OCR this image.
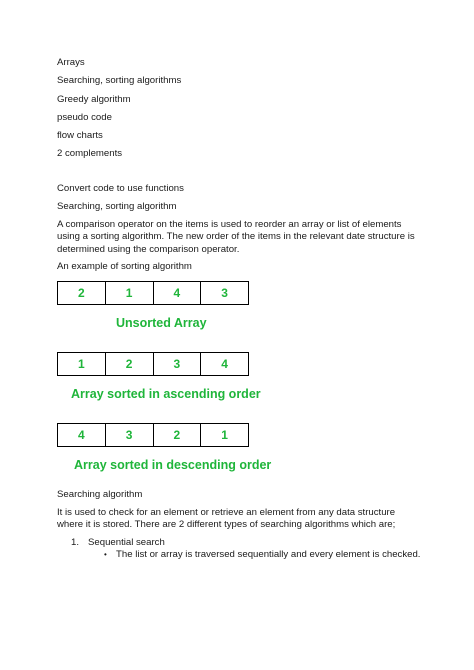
Arrays
Searching, sorting algorithms
Greedy algorithm
pseudo code
flow charts
2 complements
Convert code to use functions
Searching, sorting algorithm
A comparison operator on the items is used to reorder an array or list of elements using a sorting algorithm. The new order of the items in the relevant date structure is determined using the comparison operator.
An example of sorting algorithm
2	1	4	3
Unsorted Array
1	2	3	4
Array sorted in ascending order
4	3	2	1
Array sorted in descending order
Searching algorithm
It is used to check for an element or retrieve an element from any data structure where it is stored. There are 2 different types of searching algorithms which are;
1. Sequential search
• The list or array is traversed sequentially and every element is checked.
